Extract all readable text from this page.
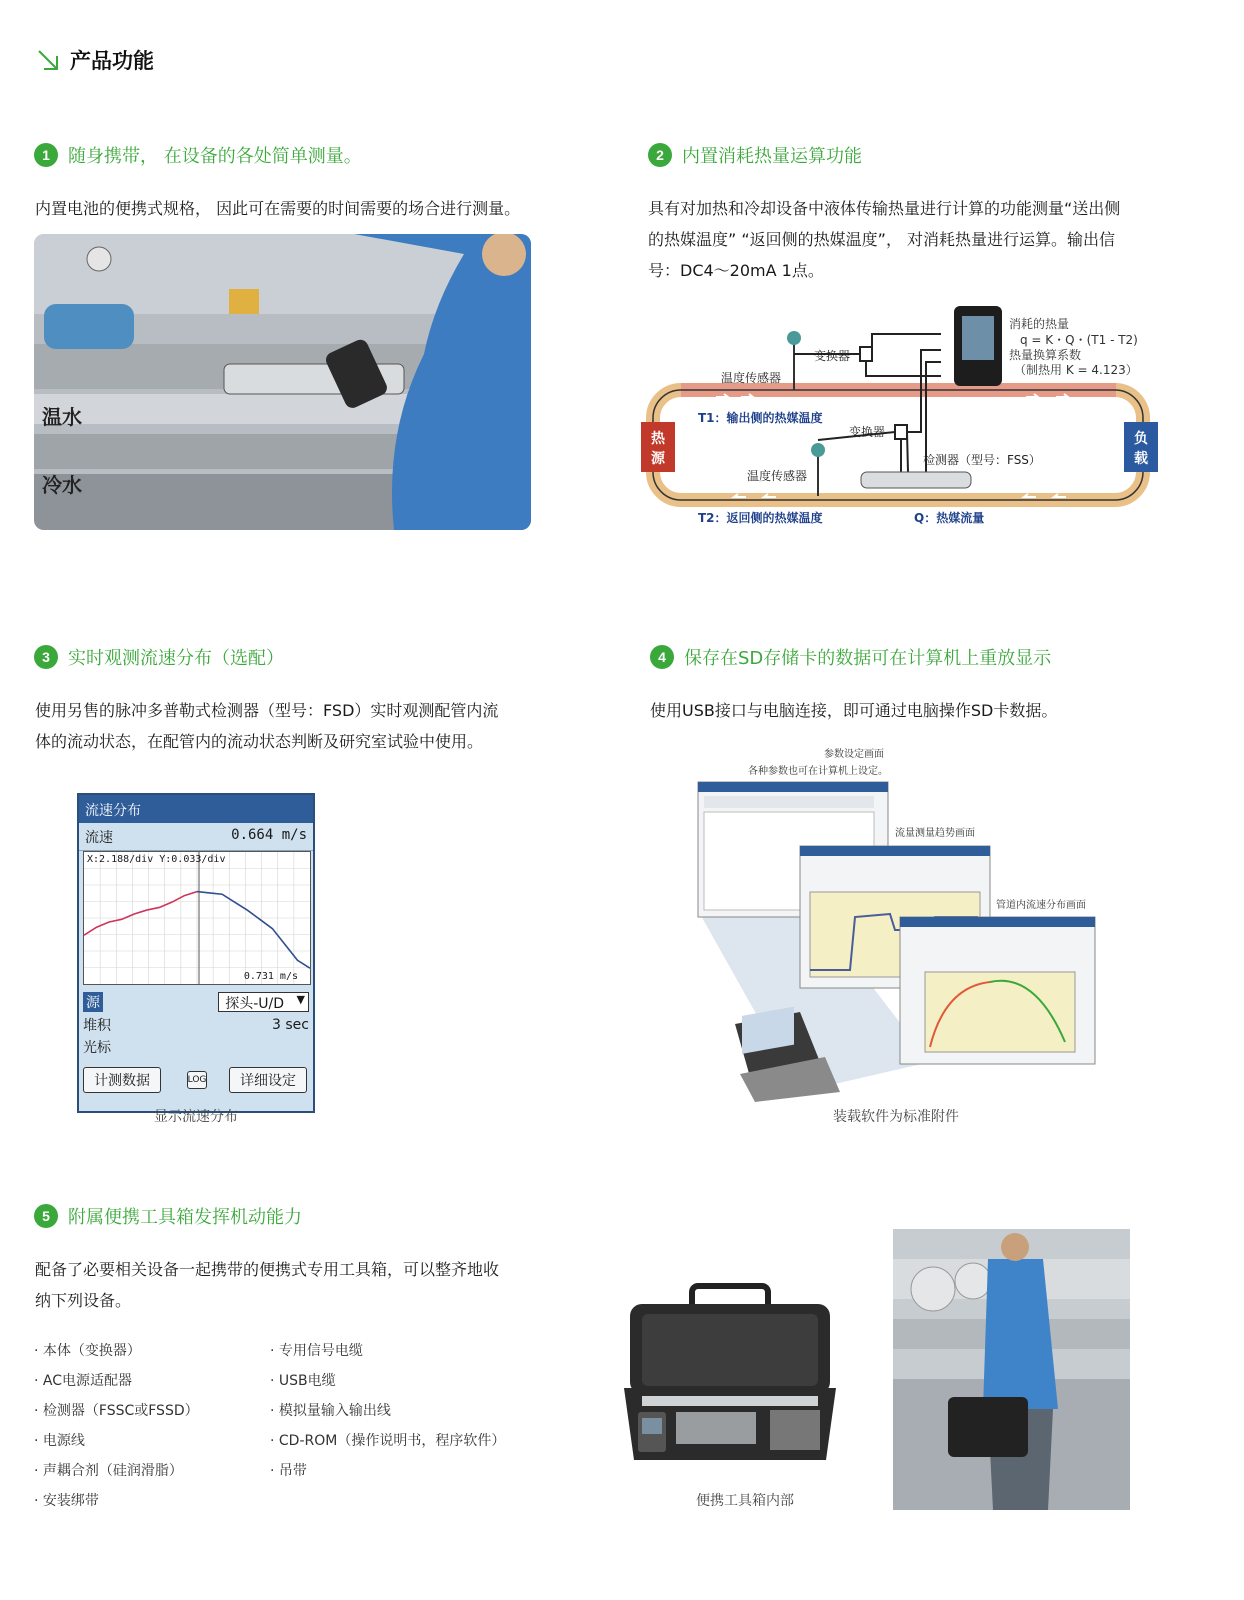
产品功能
1	随身携带， 在设备的各处简单测量。
内置电池的便携式规格， 因此可在需要的时间需要的场合进行测量。
温水
冷水
2	内置消耗热量运算功能
具有对加热和冷却设备中液体传输热量进行计算的功能测量“送出侧
的热媒温度” “返回侧的热媒温度”， 对消耗热量进行运算。输出信
号：DC4～20mA 1点。
热
源
负
载
消耗的热量
q = K・Q・(T1 - T2)
热量换算系数
（制热用 K = 4.123）
变换器
变换器
温度传感器
温度传感器
检测器（型号：FSS）
T1：输出侧的热媒温度
T2：返回侧的热媒温度	Q：热媒流量
3	实时观测流速分布（选配）
使用另售的脉冲多普勒式检测器（型号：FSD）实时观测配管内流
体的流动状态，在配管内的流动状态判断及研究室试验中使用。
流速分布
流速	0.664 m/s
X:2.188/div Y:0.033/div
0.731 m/s
源	探头-U/D ▼
堆积	3 sec
光标
计测数据	LOG	详细设定
显示流速分布
4	保存在SD存储卡的数据可在计算机上重放显示
使用USB接口与电脑连接，即可通过电脑操作SD卡数据。
参数设定画面
各种参数也可在计算机上设定。
流量测量趋势画面
管道内流速分布画面
装载软件为标准附件
5	附属便携工具箱发挥机动能力
配备了必要相关设备一起携带的便携式专用工具箱，可以整齐地收
纳下列设备。
· 本体（变换器）
· AC电源适配器
· 检测器（FSSC或FSSD）
· 电源线
· 声耦合剂（硅润滑脂）
· 安装绑带
· 专用信号电缆
· USB电缆
· 模拟量输入输出线
· CD-ROM（操作说明书，程序软件）
· 吊带
便携工具箱内部
